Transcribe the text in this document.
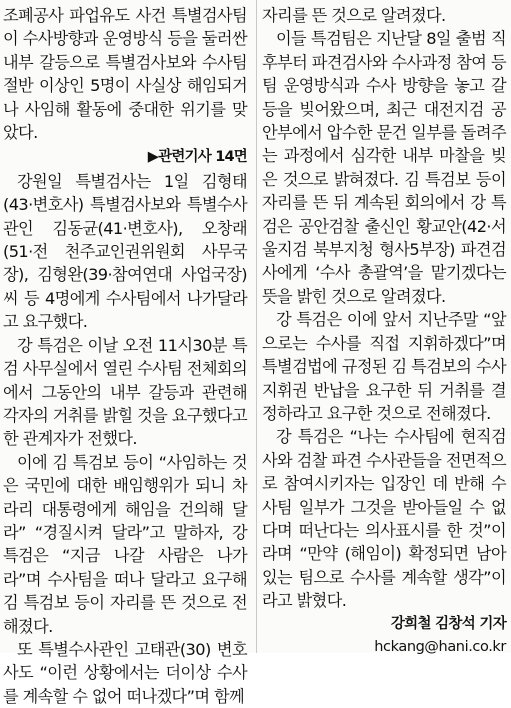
조폐공사 파업유도 사건 특별검사팀이 수사방향과 운영방식 등을 둘러싼 내부 갈등으로 특별검사보와 수사팀 절반 이상인 5명이 사실상 해임되거나 사임해 활동에 중대한 위기를 맞았다.

▶관련기사 14면

강원일 특별검사는 1일 김형태(43·변호사) 특별검사보와 특별수사관인 김동균(41·변호사), 오창래(51·전 천주교인권위원회 사무국장), 김형완(39·참여연대 사업국장)씨 등 4명에게 수사팀에서 나가달라고 요구했다.

강 특검은 이날 오전 11시30분 특검 사무실에서 열린 수사팀 전체회의에서 그동안의 내부 갈등과 관련해 각자의 거취를 밝힐 것을 요구했다고 한 관계자가 전했다.

이에 김 특검보 등이 “사임하는 것은 국민에 대한 배임행위가 되니 차라리 대통령에게 해임을 건의해 달라” “경질시켜 달라”고 말하자, 강 특검은 “지금 나갈 사람은 나가라”며 수사팀을 떠나 달라고 요구해 김 특검보 등이 자리를 뜬 것으로 전해졌다.

또 특별수사관인 고태관(30) 변호사도 “이런 상황에서는 더이상 수사를 계속할 수 없어 떠나겠다”며 함께

자리를 뜬 것으로 알려졌다.

이들 특검팀은 지난달 8일 출범 직후부터 파견검사와 수사과정 참여 등 팀 운영방식과 수사 방향을 놓고 갈등을 빚어왔으며, 최근 대전지검 공안부에서 압수한 문건 일부를 돌려주는 과정에서 심각한 내부 마찰을 빚은 것으로 밝혀졌다. 김 특검보 등이 자리를 뜬 뒤 계속된 회의에서 강 특검은 공안검찰 출신인 황교안(42·서울지검 북부지청 형사5부장) 파견검사에게 ‘수사 총괄역’을 맡기겠다는 뜻을 밝힌 것으로 알려졌다.

강 특검은 이에 앞서 지난주말 “앞으로는 수사를 직접 지휘하겠다”며 특별검법에 규정된 김 특검보의 수사지휘권 반납을 요구한 뒤 거취를 결정하라고 요구한 것으로 전해졌다.

강 특검은 “나는 수사팀에 현직검사와 검찰 파견 수사관들을 전면적으로 참여시키자는 입장인 데 반해 수사팀 일부가 그것을 받아들일 수 없다며 떠난다는 의사표시를 한 것”이라며 “만약 (해임이) 확정되면 남아 있는 팀으로 수사를 계속할 생각”이라고 밝혔다.

강희철 김창석 기자 hckang@hani.co.kr
